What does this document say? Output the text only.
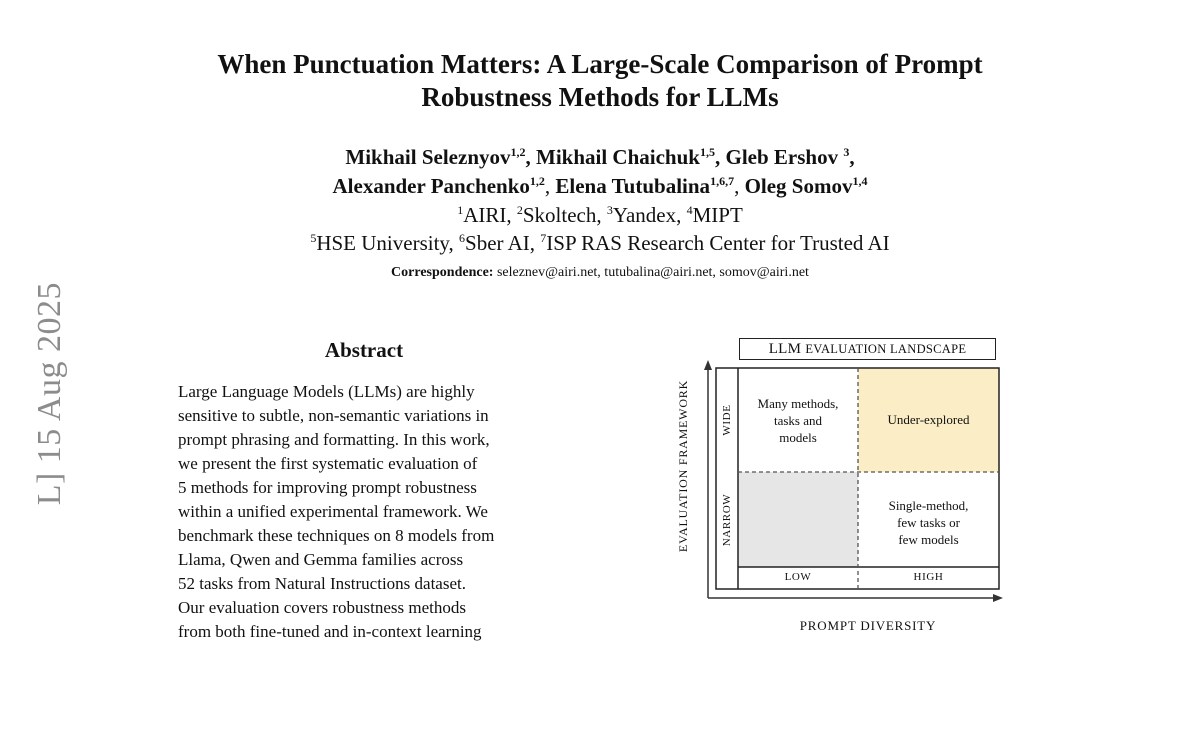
When Punctuation Matters: A Large-Scale Comparison of Prompt
Robustness Methods for LLMs
Mikhail Seleznyov$^{1,2}$, Mikhail Chaichuk$^{1,5}$, Gleb Ershov $^3$,
Alexander Panchenko$^{1,2}$, Elena Tutubalina$^{1,6,7}$, Oleg Somov$^{1,4}$
$^1$AIRI, $^2$Skoltech, $^3$Yandex, $^4$MIPT
$^5$HSE University, $^6$Sber AI, $^7$ISP RAS Research Center for Trusted AI
Correspondence: seleznev@airi.net, tutubalina@airi.net, somov@airi.net
L] 15 Aug 2025	Abstract
Large Language Models (LLMs) are highly
sensitive to subtle, non-semantic variations in
prompt phrasing and formatting. In this work,
we present the first systematic evaluation of
5 methods for improving prompt robustness
within a unified experimental framework. We
benchmark these techniques on 8 models from
Llama, Qwen and Gemma families across
52 tasks from Natural Instructions dataset.
Our evaluation covers robustness methods
from both fine-tuned and in-context learning
LLM EVALUATION LANDSCAPE
Many methods,
tasks and
models
Under-explored
Single-method,
few tasks or
few models
WIDE
NARROW
LOW	HIGH
EVALUATION FRAMEWORK
PROMPT DIVERSITY
